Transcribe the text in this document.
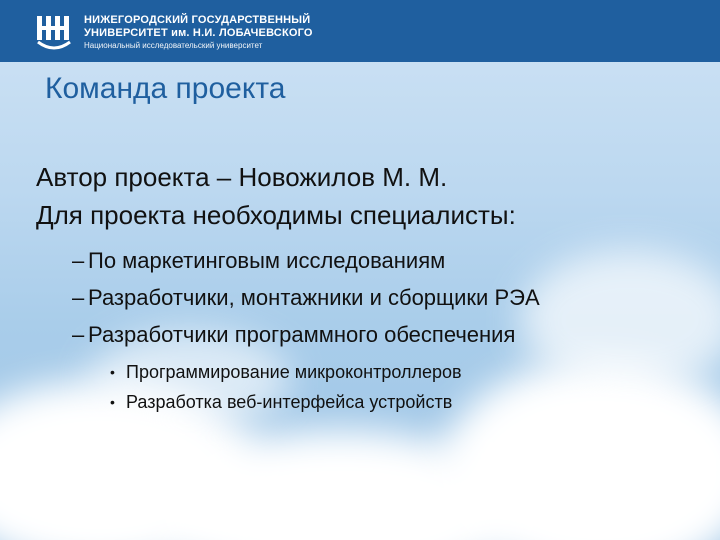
НИЖЕГОРОДСКИЙ ГОСУДАРСТВЕННЫЙ
УНИВЕРСИТЕТ им. Н.И. ЛОБАЧЕВСКОГО
Национальный исследовательский университет
Команда проекта
Автор проекта – Новожилов М. М.
Для проекта необходимы специалисты:
– По маркетинговым исследованиям
– Разработчики, монтажники и сборщики РЭА
– Разработчики программного обеспечения
• Программирование микроконтроллеров
• Разработка веб-интерфейса устройств
